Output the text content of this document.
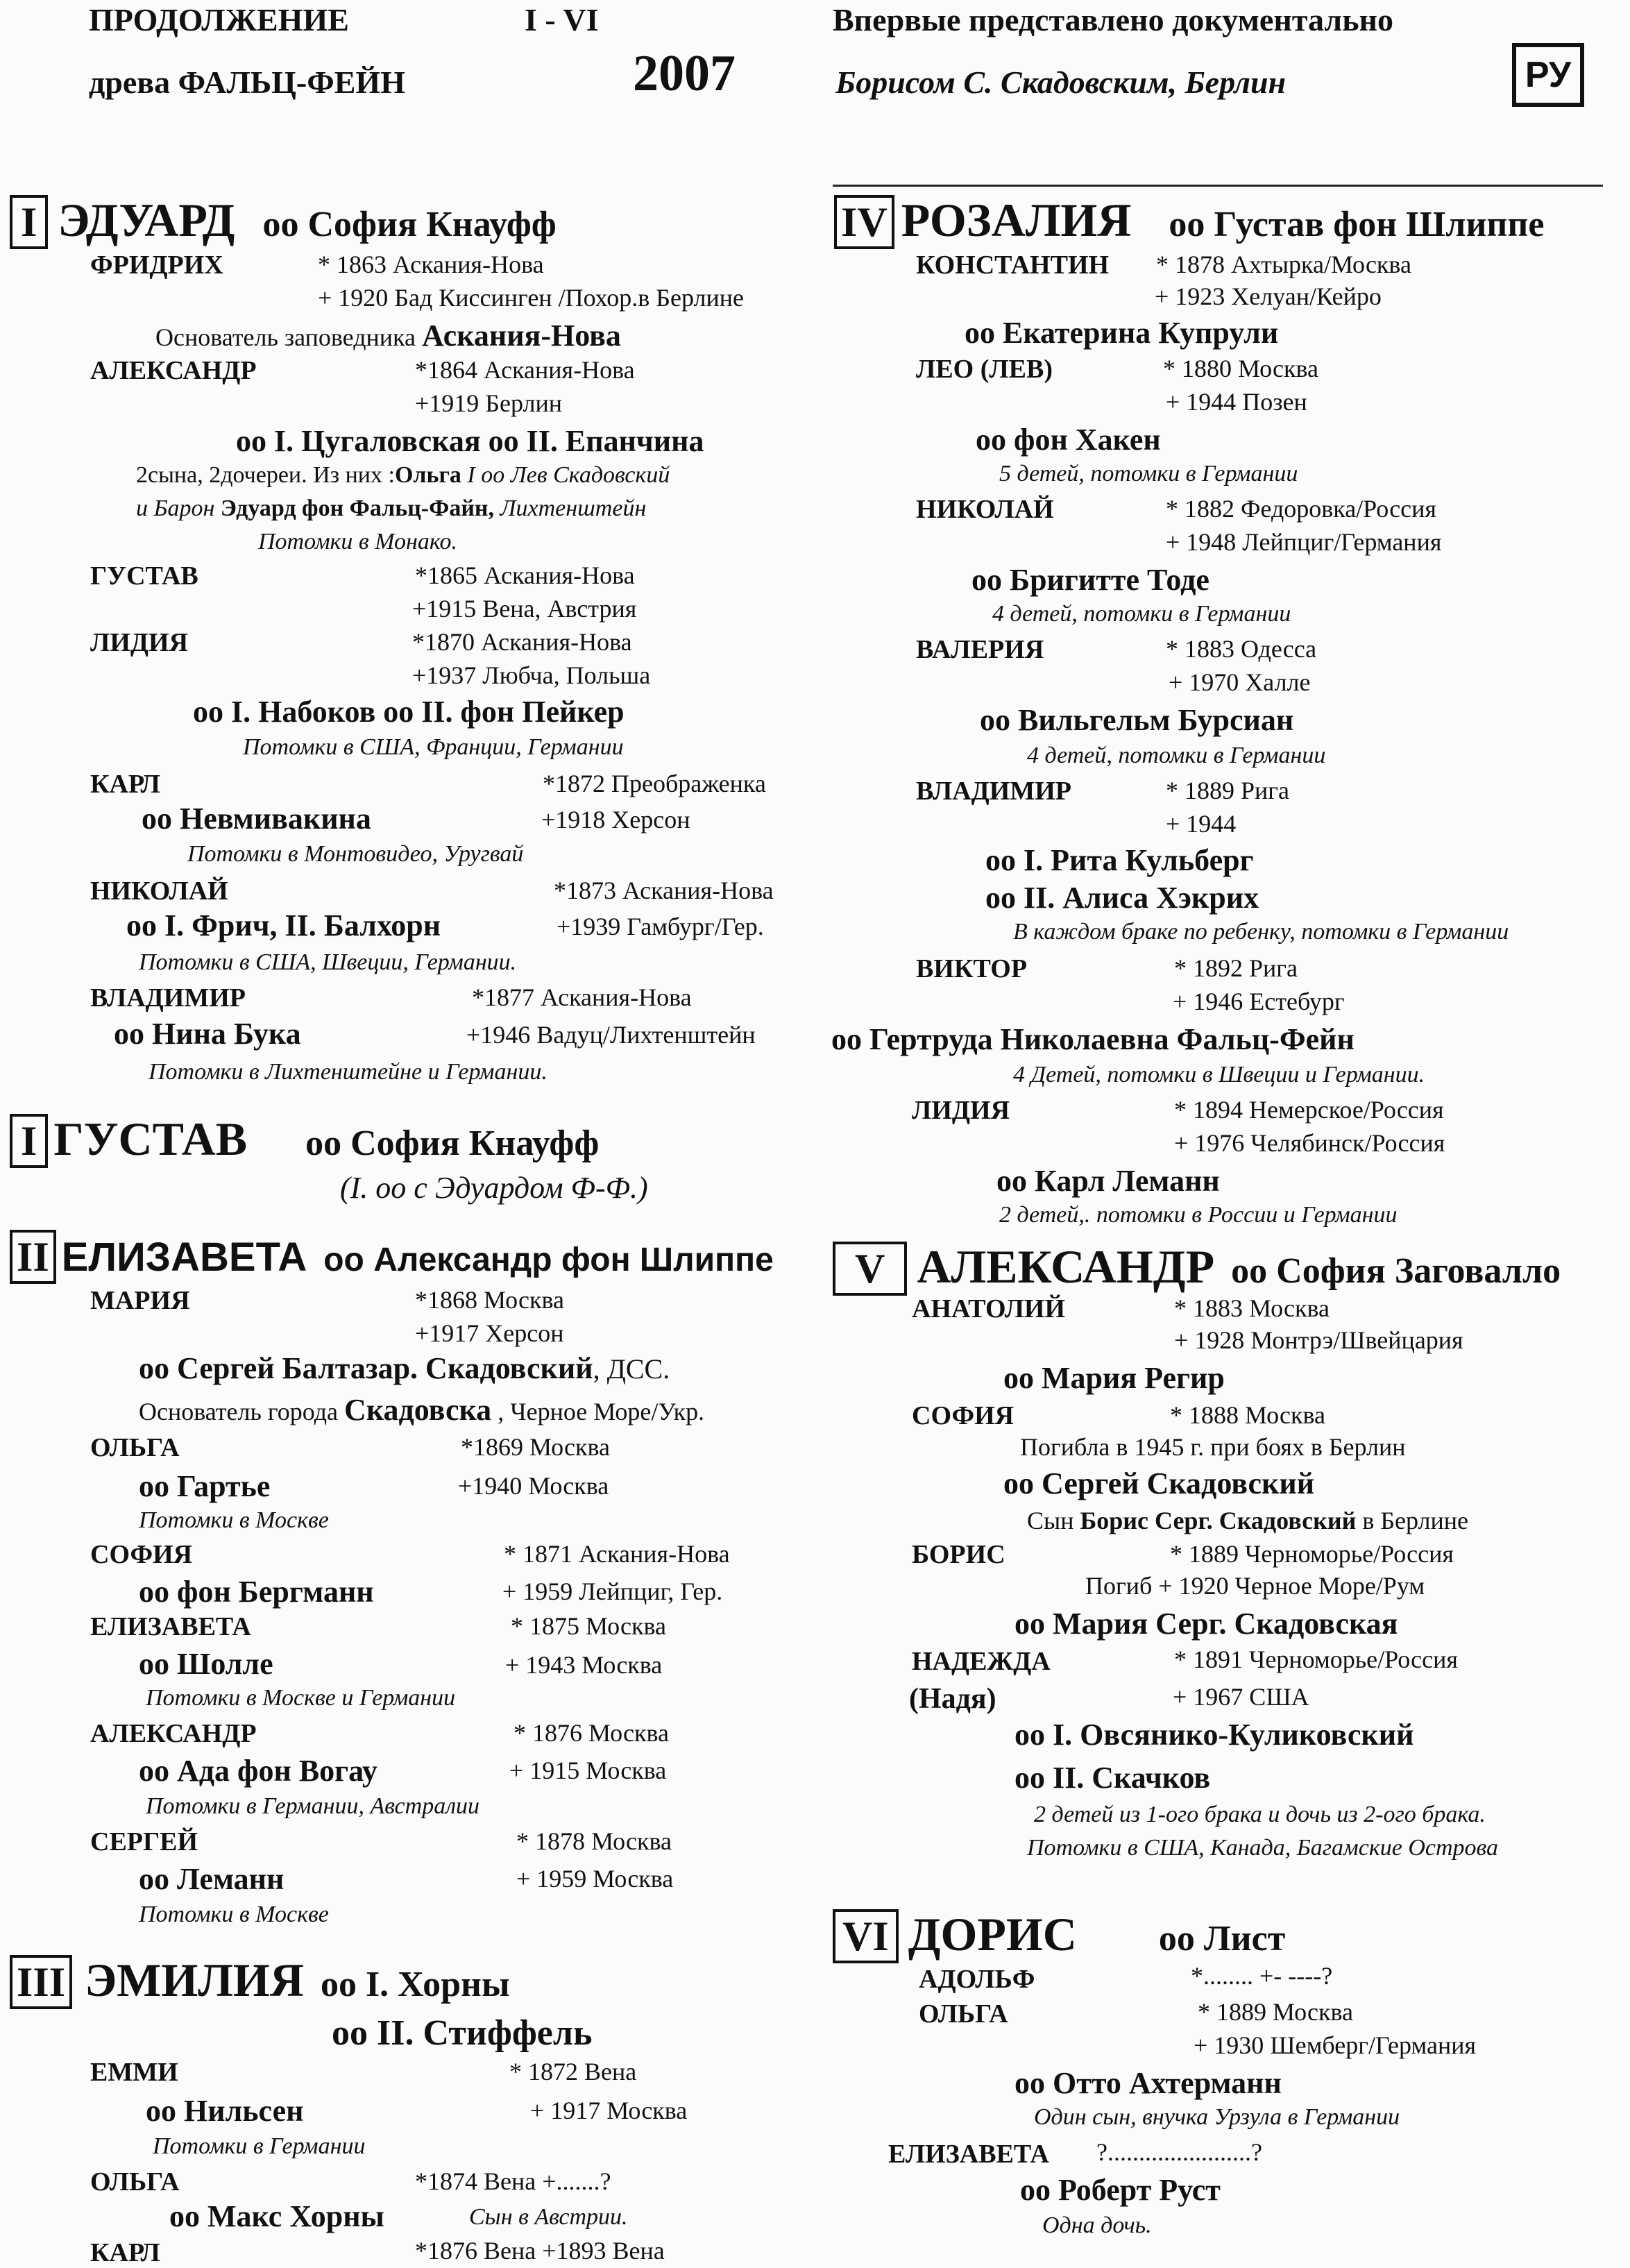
ПРОДОЛЖЕНИЕ	I - VI
древа ФАЛЬЦ-ФЕЙН	2007
Впервые представлено документально
Борисом С. Скадовским, Берлин	РУ
I ЭДУАРД оо София Кнауфф
ФРИДРИХ	* 1863 Аскания-Нова
+ 1920 Бад Киссинген /Похор.в Берлине
Основатель заповедника Аскания-Нова
АЛЕКСАНДР	*1864 Аскания-Нова
+1919 Берлин
оо I. Цугаловская оо II. Епанчина
2сына, 2дочереи. Из них :Ольга I оо Лев Скадовский
и Барон Эдуард фон Фальц-Файн, Лихтенштейн
Потомки в Монако.
ГУСТАВ	*1865 Аскания-Нова
+1915 Вена, Австрия
ЛИДИЯ	*1870 Аскания-Нова
+1937 Любча, Польша
оо I. Набоков оо II. фон Пейкер
Потомки в США, Франции, Германии
КАРЛ	*1872 Преображенка
оо Невмивакина	+1918 Херсон
Потомки в Монтовидео, Уругвай
НИКОЛАЙ	*1873 Аскания-Нова
оо I. Фрич, II. Балхорн	+1939 Гамбург/Гер.
Потомки в США, Швеции, Германии.
ВЛАДИМИР	*1877 Аскания-Нова
оо Нина Бука	+1946 Вадуц/Лихтенштейн
Потомки в Лихтенштейне и Германии.
I ГУСТАВ оо София Кнауфф
(I. оо с Эдуардом Ф-Ф.)
II ЕЛИЗАВЕТА оо Александр фон Шлиппе
МАРИЯ	*1868 Москва
+1917 Херсон
оо Сергей Балтазар. Скадовский, ДСС.
Основатель города Скадовска , Черное Море/Укр.
ОЛЬГА	*1869 Москва
оо Гартье	+1940 Москва
Потомки в Москве
СОФИЯ	* 1871 Аскания-Нова
оо фон Бергманн	+ 1959 Лейпциг, Гер.
ЕЛИЗАВЕТА	* 1875 Москва
оо Шолле	+ 1943 Москва
Потомки в Москве и Германии
АЛЕКСАНДР	* 1876 Москва
оо Ада фон Вогау	+ 1915 Москва
Потомки в Германии, Австралии
СЕРГЕЙ	* 1878 Москва
оо Леманн	+ 1959 Москва
Потомки в Москве
III ЭМИЛИЯ оо I. Хорны
оо II. Стиффель
ЕММИ	* 1872 Вена
оо Нильсен	+ 1917 Москва
Потомки в Германии
ОЛЬГА	*1874 Вена +.......?
оо Макс Хорны	Сын в Австрии.
КАРЛ	*1876 Вена +1893 Вена
IV РОЗАЛИЯ оо Густав фон Шлиппе
КОНСТАНТИН * 1878 Ахтырка/Москва
+ 1923 Хелуан/Кейро
оо Екатерина Купрули
ЛЕО (ЛЕВ)	* 1880 Москва
+ 1944 Позен
оо фон Хакен
5 детей, потомки в Германии
НИКОЛАЙ	* 1882 Федоровка/Россия
+ 1948 Лейпциг/Германия
оо Бригитте Тоде
4 детей, потомки в Германии
ВАЛЕРИЯ	* 1883 Одесса
+ 1970 Халле
оо Вильгельм Бурсиан
4 детей, потомки в Германии
ВЛАДИМИР	* 1889 Рига
+ 1944
оо I. Рита Кульберг
оо II. Алиса Хэкрих
В каждом браке по ребенку, потомки в Германии
ВИКТОР	* 1892 Рига
+ 1946 Естебург
оо Гертруда Николаевна Фальц-Фейн
4 Детей, потомки в Швеции и Германии.
ЛИДИЯ	* 1894 Немерское/Россия
+ 1976 Челябинск/Россия
оо Карл Леманн
2 детей,. потомки в России и Германии
V АЛЕКСАНДР оо София Заговалло
АНАТОЛИЙ	* 1883 Москва
+ 1928 Монтрэ/Швейцария
оо Мария Регир
СОФИЯ	* 1888 Москва
Погибла в 1945 г. при боях в Берлин
оо Сергей Скадовский
Сын Борис Серг. Скадовский в Берлине
БОРИС	* 1889 Черноморье/Россия
Погиб + 1920 Черное Море/Рум
оо Мария Серг. Скадовская
НАДЕЖДА	* 1891 Черноморье/Россия
(Надя)	+ 1967 США
оо I. Овсянико-Куликовский
оо II. Скачков
2 детей из 1-ого брака и дочь из 2-ого брака.
Потомки в США, Канада, Багамские Острова
VI ДОРИС оо Лист
АДОЛЬФ	*........ +- ----?
ОЛЬГА	* 1889 Москва
+ 1930 Шемберг/Германия
оо Отто Ахтерманн
Один сын, внучка Урзула в Германии
ЕЛИЗАВЕТА ?.......................?
оо Роберт Руст
Одна дочь.
